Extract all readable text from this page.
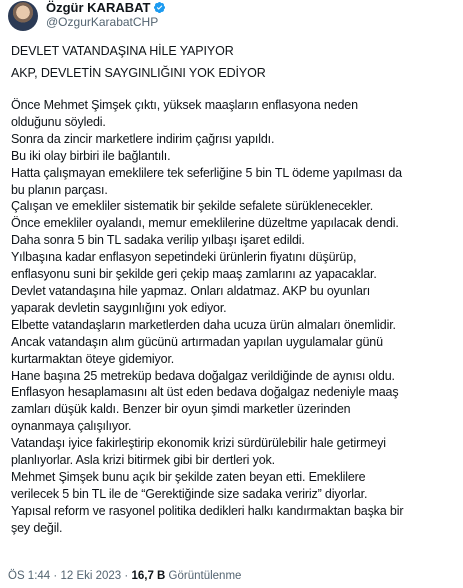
Özgür KARABAT
@OzgurKarabatCHP
DEVLET VATANDAŞINA HİLE YAPIYOR
AKP, DEVLETİN SAYGINLIĞINI YOK EDİYOR
Önce Mehmet Şimşek çıktı, yüksek maaşların enflasyona neden
olduğunu söyledi.
Sonra da zincir marketlere indirim çağrısı yapıldı.
Bu iki olay birbiri ile bağlantılı.
Hatta çalışmayan emeklilere tek seferliğine 5 bin TL ödeme yapılması da
bu planın parçası.
Çalışan ve emekliler sistematik bir şekilde sefalete sürüklenecekler.
Önce emekliler oyalandı, memur emeklilerine düzeltme yapılacak dendi.
Daha sonra 5 bin TL sadaka verilip yılbaşı işaret edildi.
Yılbaşına kadar enflasyon sepetindeki ürünlerin fiyatını düşürüp,
enflasyonu suni bir şekilde geri çekip maaş zamlarını az yapacaklar.
Devlet vatandaşına hile yapmaz. Onları aldatmaz. AKP bu oyunları
yaparak devletin saygınlığını yok ediyor.
Elbette vatandaşların marketlerden daha ucuza ürün almaları önemlidir.
Ancak vatandaşın alım gücünü artırmadan yapılan uygulamalar günü
kurtarmaktan öteye gidemiyor.
Hane başına 25 metreküp bedava doğalgaz verildiğinde de aynısı oldu.
Enflasyon hesaplamasını alt üst eden bedava doğalgaz nedeniyle maaş
zamları düşük kaldı. Benzer bir oyun şimdi marketler üzerinden
oynanmaya çalışılıyor.
Vatandaşı iyice fakirleştirip ekonomik krizi sürdürülebilir hale getirmeyi
planlıyorlar. Asla krizi bitirmek gibi bir dertleri yok.
Mehmet Şimşek bunu açık bir şekilde zaten beyan etti. Emeklilere
verilecek 5 bin TL ile de “Gerektiğinde size sadaka veririz” diyorlar.
Yapısal reform ve rasyonel politika dedikleri halkı kandırmaktan başka bir
şey değil.
ÖS 1:44 · 12 Eki 2023 · 16,7 B Görüntülenme
